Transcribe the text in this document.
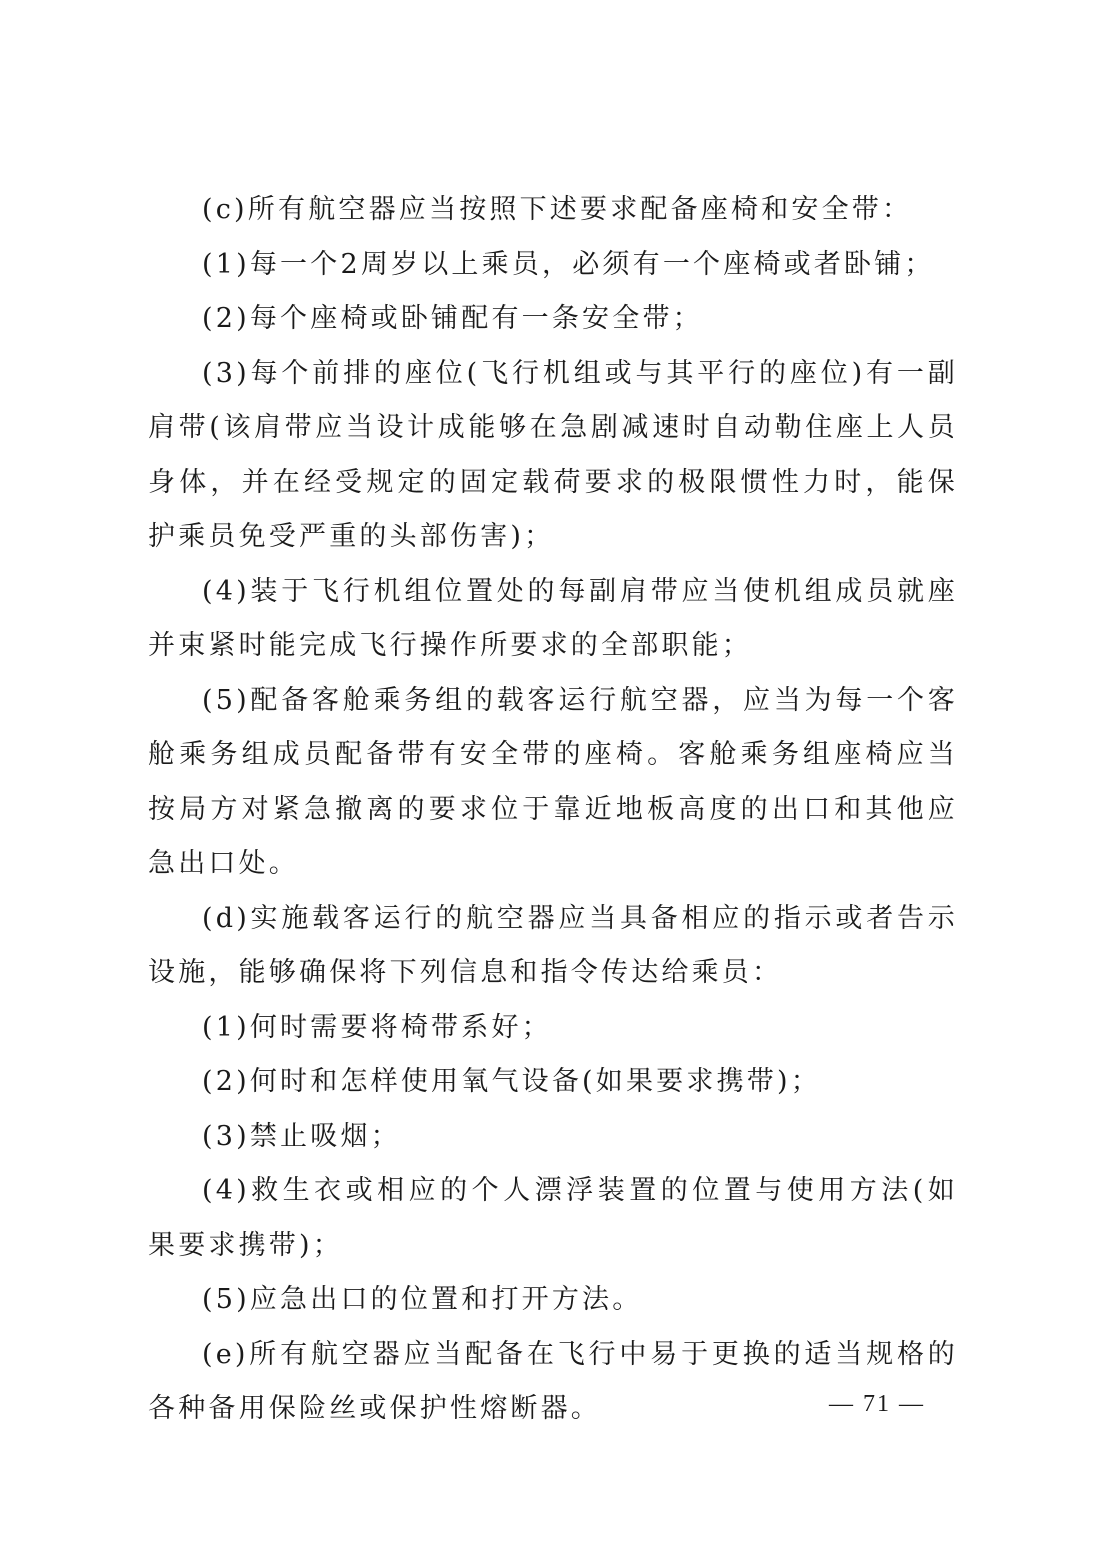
(c)所有航空器应当按照下述要求配备座椅和安全带：

(1)每一个2周岁以上乘员，必须有一个座椅或者卧铺；

(2)每个座椅或卧铺配有一条安全带；

(3)每个前排的座位(飞行机组或与其平行的座位)有一副肩带(该肩带应当设计成能够在急剧减速时自动勒住座上人员身体，并在经受规定的固定载荷要求的极限惯性力时，能保护乘员免受严重的头部伤害)；

(4)装于飞行机组位置处的每副肩带应当使机组成员就座并束紧时能完成飞行操作所要求的全部职能；

(5)配备客舱乘务组的载客运行航空器，应当为每一个客舱乘务组成员配备带有安全带的座椅。客舱乘务组座椅应当按局方对紧急撤离的要求位于靠近地板高度的出口和其他应急出口处。

(d)实施载客运行的航空器应当具备相应的指示或者告示设施，能够确保将下列信息和指令传达给乘员：

(1)何时需要将椅带系好；

(2)何时和怎样使用氧气设备(如果要求携带)；

(3)禁止吸烟；

(4)救生衣或相应的个人漂浮装置的位置与使用方法(如果要求携带)；

(5)应急出口的位置和打开方法。

(e)所有航空器应当配备在飞行中易于更换的适当规格的各种备用保险丝或保护性熔断器。	— 71 —
